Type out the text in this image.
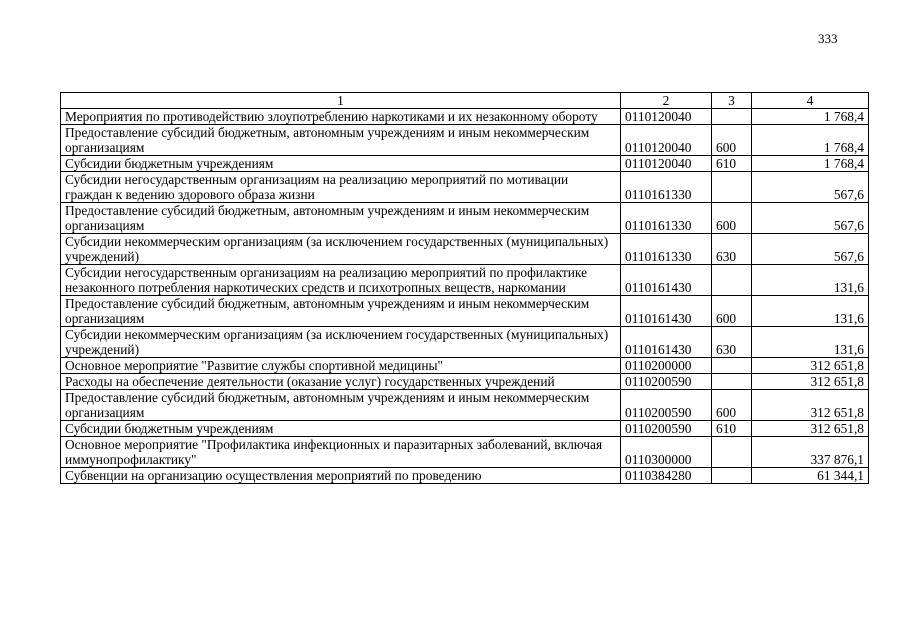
333
1	2	3	4
Мероприятия по противодействию злоупотреблению наркотиками и их незаконному обороту	0110120040		1 768,4
Предоставление субсидий бюджетным, автономным учреждениям и иным некоммерческим организациям	0110120040	600	1 768,4
Субсидии бюджетным учреждениям	0110120040	610	1 768,4
Субсидии негосударственным организациям на реализацию мероприятий по мотивации граждан к ведению здорового образа жизни	0110161330		567,6
Предоставление субсидий бюджетным, автономным учреждениям и иным некоммерческим организациям	0110161330	600	567,6
Субсидии некоммерческим организациям (за исключением государственных (муниципальных) учреждений)	0110161330	630	567,6
Субсидии негосударственным организациям на реализацию мероприятий по профилактике незаконного потребления наркотических средств и психотропных веществ, наркомании	0110161430		131,6
Предоставление субсидий бюджетным, автономным учреждениям и иным некоммерческим организациям	0110161430	600	131,6
Субсидии некоммерческим организациям (за исключением государственных (муниципальных) учреждений)	0110161430	630	131,6
Основное мероприятие "Развитие службы спортивной медицины"	0110200000		312 651,8
Расходы на обеспечение деятельности (оказание услуг) государственных учреждений	0110200590		312 651,8
Предоставление субсидий бюджетным, автономным учреждениям и иным некоммерческим организациям	0110200590	600	312 651,8
Субсидии бюджетным учреждениям	0110200590	610	312 651,8
Основное мероприятие "Профилактика инфекционных и паразитарных заболеваний, включая иммунопрофилактику"	0110300000		337 876,1
Субвенции на организацию осуществления мероприятий по проведению	0110384280		61 344,1
